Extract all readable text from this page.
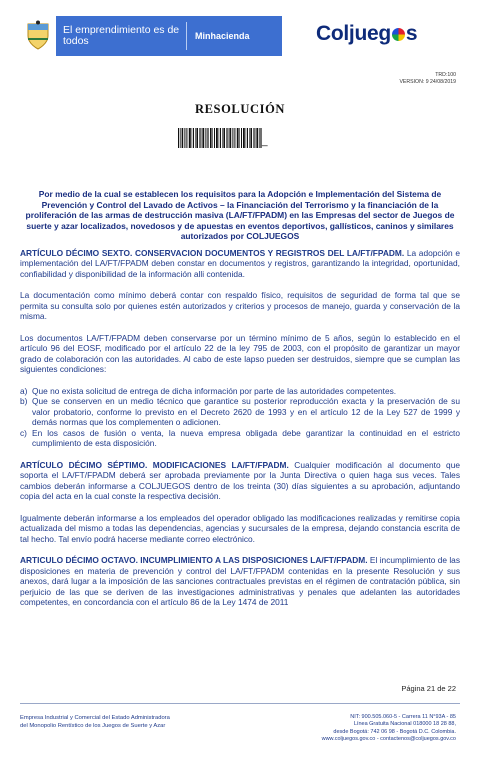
El emprendimiento es de todos	Minhacienda	Coljueg s
TRD:100
VERSION: 9 24/08/2019
RESOLUCIÓN
_
Por medio de la cual se establecen los requisitos para la Adopción e Implementación del Sistema de Prevención y Control del Lavado de Activos – la Financiación del Terrorismo y la financiación de la proliferación de las armas de destrucción masiva (LA/FT/FPADM) en las Empresas del sector de Juegos de suerte y azar localizados, novedosos y de apuestas en eventos deportivos, gallísticos, caninos y similares autorizados por COLJUEGOS
ARTÍCULO DÉCIMO SEXTO. CONSERVACION DOCUMENTOS Y REGISTROS DEL LA/FT/FPADM. La adopción e implementación del LA/FT/FPADM deben constar en documentos y registros, garantizando la integridad, oportunidad, confiabilidad y disponibilidad de la información alli contenida.
La documentación como mínimo deberá contar con respaldo físico, requisitos de seguridad de forma tal que se permita su consulta solo por quienes estén autorizados y criterios y procesos de manejo, guarda y conservación de la misma.
Los documentos LA/FT/FPADM deben conservarse por un término mínimo de 5 años, según lo establecido en el artículo 96 del EOSF, modificado por el artículo 22 de la ley 795 de 2003, con el propósito de garantizar un mayor grado de colaboración con las autoridades. Al cabo de este lapso pueden ser destruidos, siempre que se cumplan las siguientes condiciones:
a) Que no exista solicitud de entrega de dicha información por parte de las autoridades competentes.
b) Que se conserven en un medio técnico que garantice su posterior reproducción exacta y la preservación de su valor probatorio, conforme lo previsto en el Decreto 2620 de 1993 y en el artículo 12 de la Ley 527 de 1999 y demás normas que los complementen o adicionen.
c) En los casos de fusión o venta, la nueva empresa obligada debe garantizar la continuidad en el estricto cumplimiento de esta disposición.
ARTÍCULO DÉCIMO SÉPTIMO. MODIFICACIONES LA/FT/FPADM. Cualquier modificación al documento que soporta el LA/FT/FPADM deberá ser aprobada previamente por la Junta Directiva o quien haga sus veces. Tales cambios deberán informarse a COLJUEGOS dentro de los treinta (30) días siguientes a su aprobación, adjuntando copia del acta en la cual conste la respectiva decisión.
Igualmente deberán informarse a los empleados del operador obligado las modificaciones realizadas y remitirse copia actualizada del mismo a todas las dependencias, agencias y sucursales de la empresa, dejando constancia escrita de tal hecho. Tal envío podrá hacerse mediante correo electrónico.
ARTICULO DÉCIMO OCTAVO. INCUMPLIMIENTO A LAS DISPOSICIONES LA/FT/FPADM. El incumplimiento de las disposiciones en materia de prevención y control del LA/FT/FPADM contenidas en la presente Resolución y sus anexos, dará lugar a la imposición de las sanciones contractuales previstas en el régimen de contratación pública, sin perjuicio de las que se deriven de las investigaciones administrativas y penales que adelanten las autoridades competentes, en concordancia con el artículo 86 de la Ley 1474 de 2011
Página 21 de 22
Empresa Industrial y Comercial del Estado Administradora
del Monopolio Rentístico de los Juegos de Suerte y Azar
NIT: 900.505.060-5 - Carrera 11 N°93A - 85
Línea Gratuita Nacional 018000 18 28 88,
desde Bogotá: 742 06 98 - Bogotá D.C. Colombia.
www.coljuegos.gov.co - contactenos@coljuegos.gov.co
